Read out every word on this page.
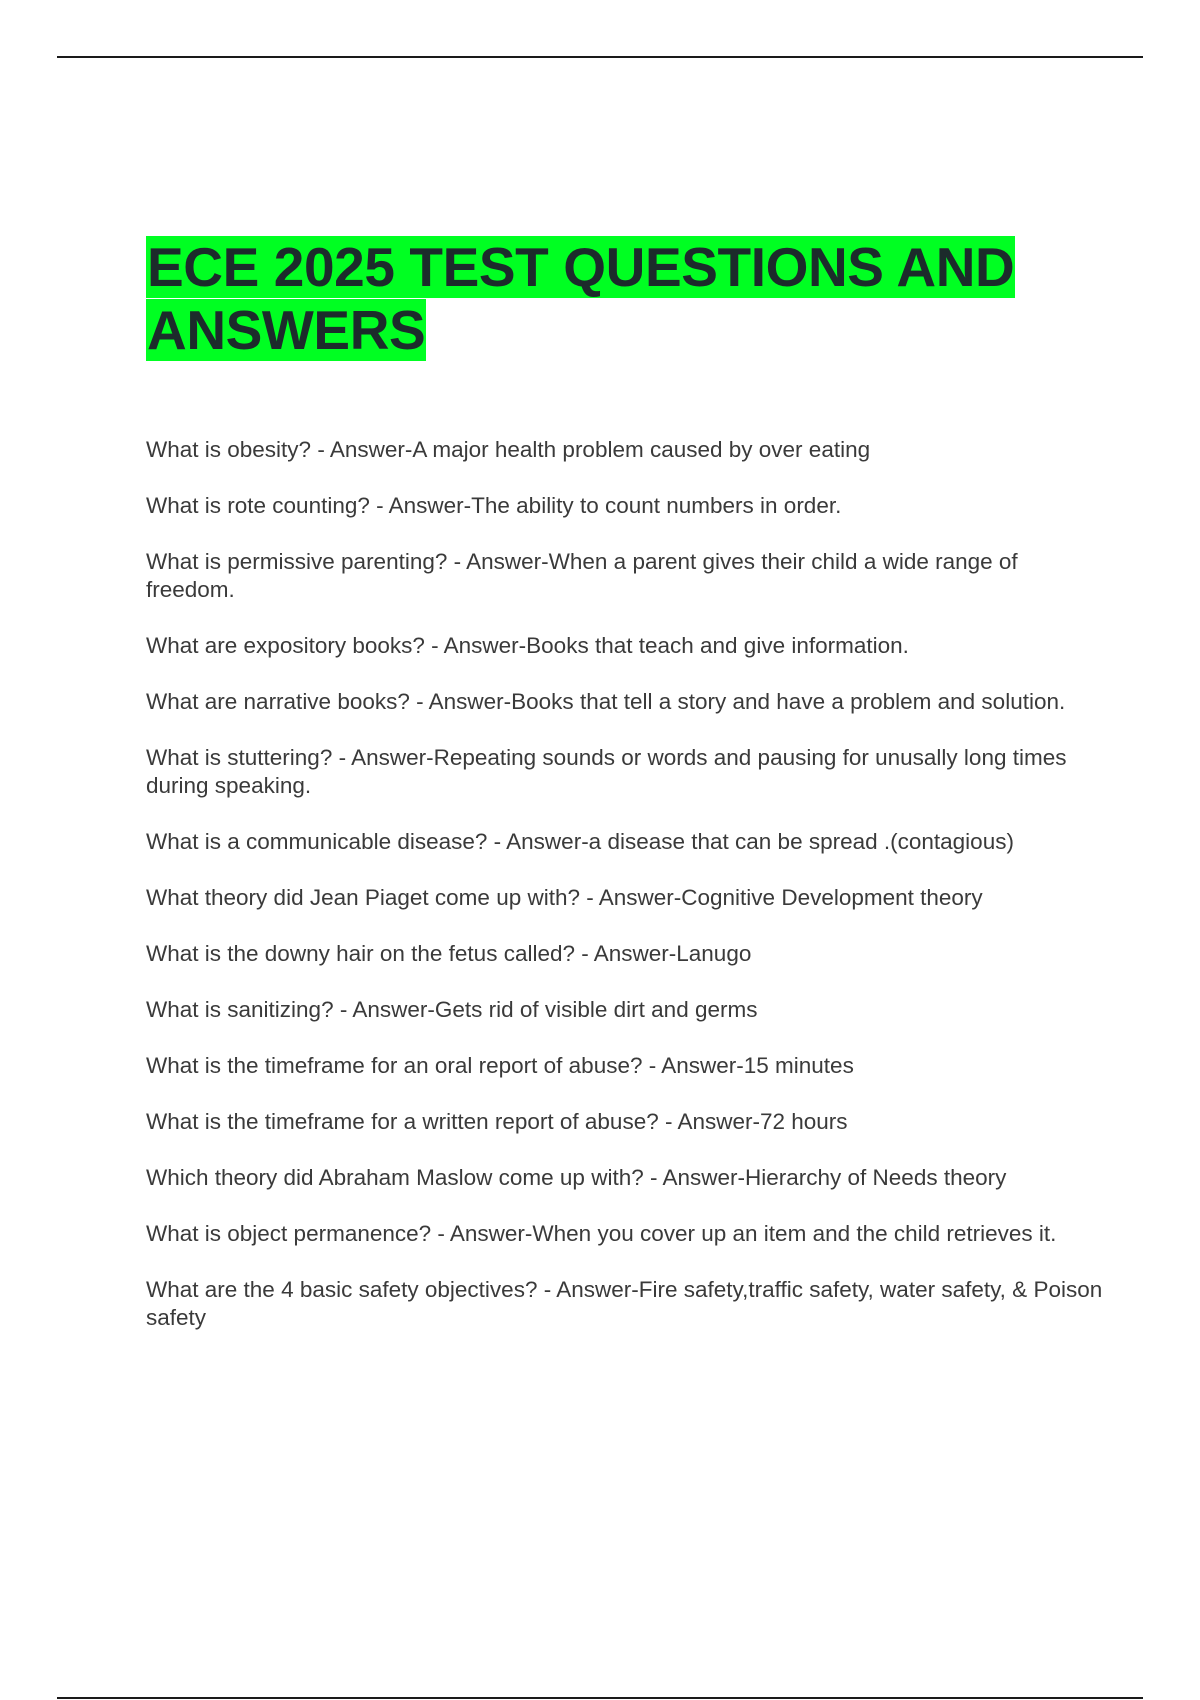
ECE 2025 TEST QUESTIONS AND ANSWERS
What is obesity? - Answer-A major health problem caused by over eating
What is rote counting? - Answer-The ability to count numbers in order.
What is permissive parenting? - Answer-When a parent gives their child a wide range of freedom.
What are expository books? - Answer-Books that teach and give information.
What are narrative books? - Answer-Books that tell a story and have a problem and solution.
What is stuttering? - Answer-Repeating sounds or words and pausing for unusally long times during speaking.
What is a communicable disease? - Answer-a disease that can be spread .(contagious)
What theory did Jean Piaget come up with? - Answer-Cognitive Development theory
What is the downy hair on the fetus called? - Answer-Lanugo
What is sanitizing? - Answer-Gets rid of visible dirt and germs
What is the timeframe for an oral report of abuse? - Answer-15 minutes
What is the timeframe for a written report of abuse? - Answer-72 hours
Which theory did Abraham Maslow come up with? - Answer-Hierarchy of Needs theory
What is object permanence? - Answer-When you cover up an item and the child retrieves it.
What are the 4 basic safety objectives? - Answer-Fire safety,traffic safety, water safety, & Poison safety
